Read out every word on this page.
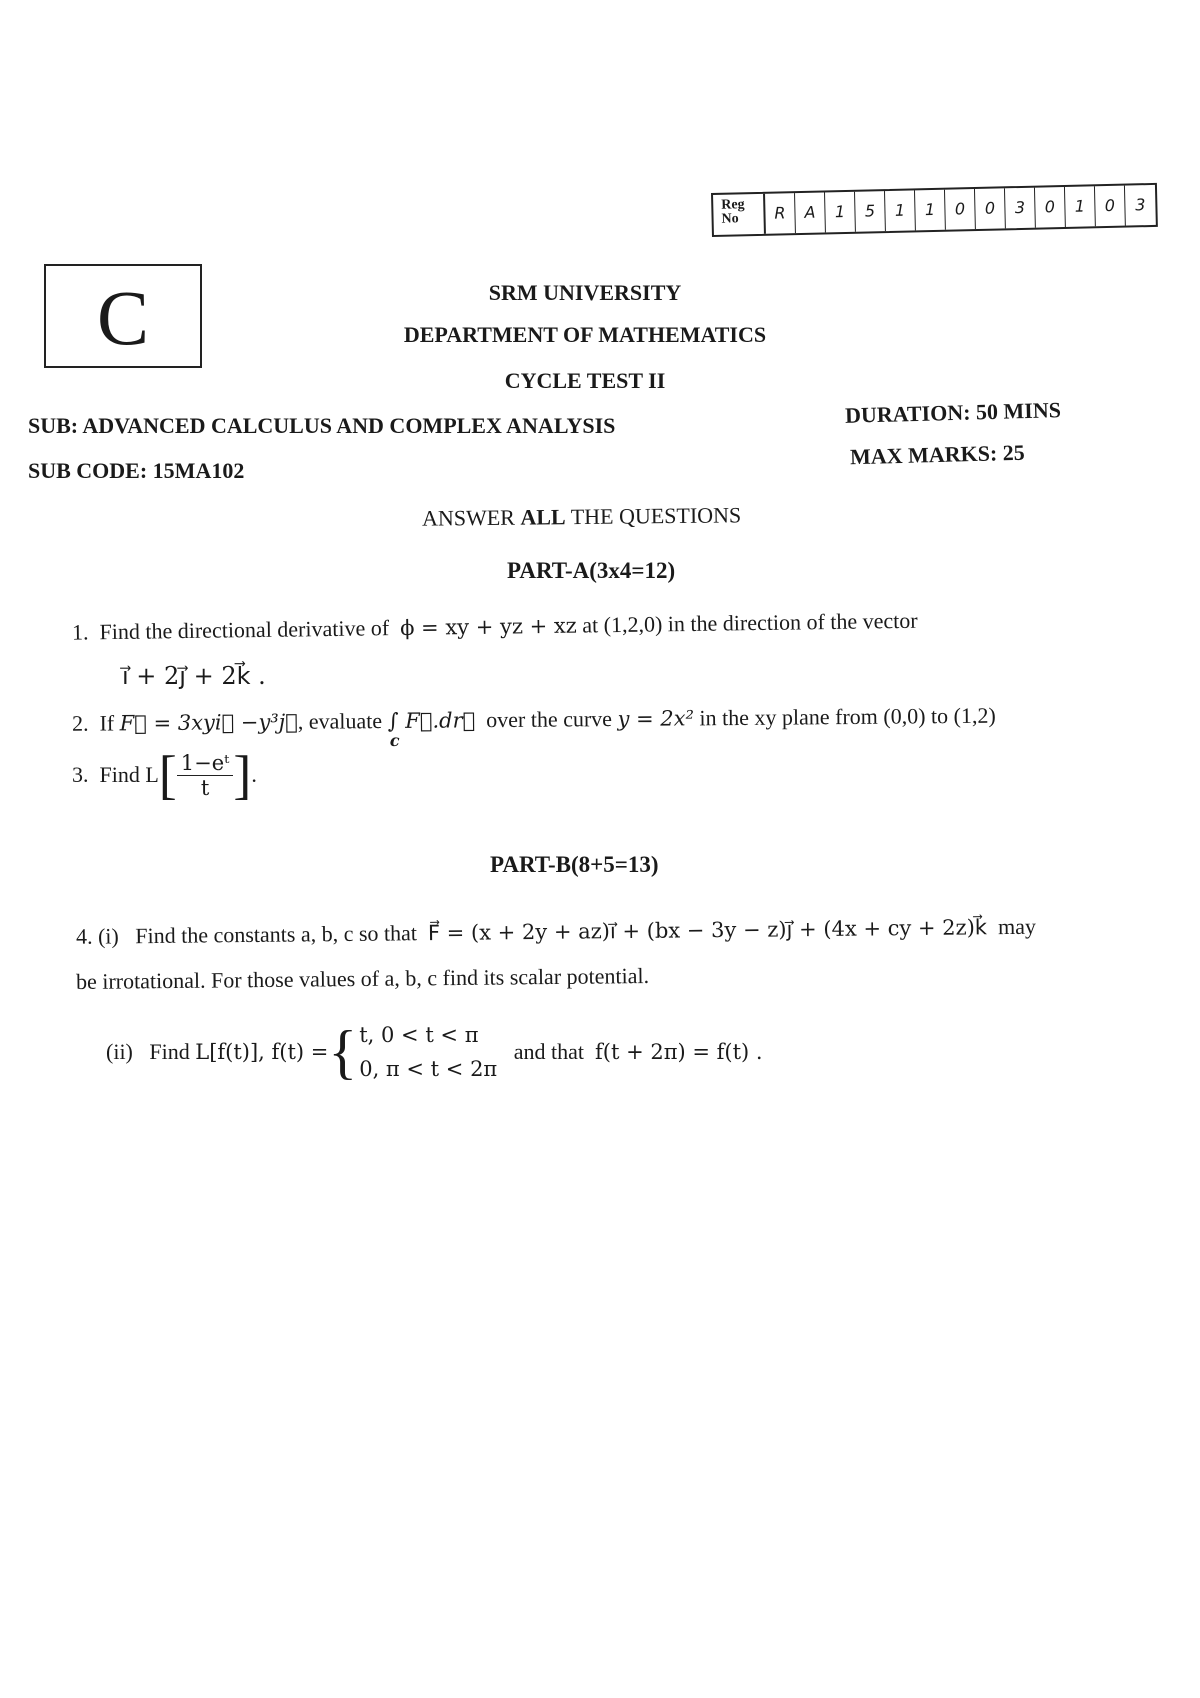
Reg
No	R	A	1	5	1	1	0	0	3	0	1	0	3
C	SRM UNIVERSITY
DEPARTMENT OF MATHEMATICS
CYCLE TEST II
SUB: ADVANCED CALCULUS AND COMPLEX ANALYSIS	DURATION: 50 MINS
SUB CODE: 15MA102
MAX MARKS: 25
ANSWER ALL THE QUESTIONS
PART-A(3x4=12)
1. Find the directional derivative of ϕ = xy + yz + xz at (1,2,0) in the direction of the vector
i⃗ + 2j⃗ + 2k⃗ .
2. If F⃗ = 3xyi⃗ −y³j⃗, evaluate ∫ F⃗.dr⃗
c
over the curve y = 2x² in the xy plane from (0,0) to (1,2)
3.
Find L [ $\frac{\text{1−eᵗ}}{t}$ ] .
PART-B(8+5=13)
4. (i) Find the constants a, b, c so that F⃗ = (x + 2y + az)i⃗ + (bx − 3y − z)j⃗ + (4x + cy + 2z)k⃗ may
be irrotational. For those values of a, b, c find its scalar potential.
(ii)
Find
L[f(t)], f(t) = { t, 0 < t < π
0, π < t < 2π

and that
f(t + 2π) = f(t) .
